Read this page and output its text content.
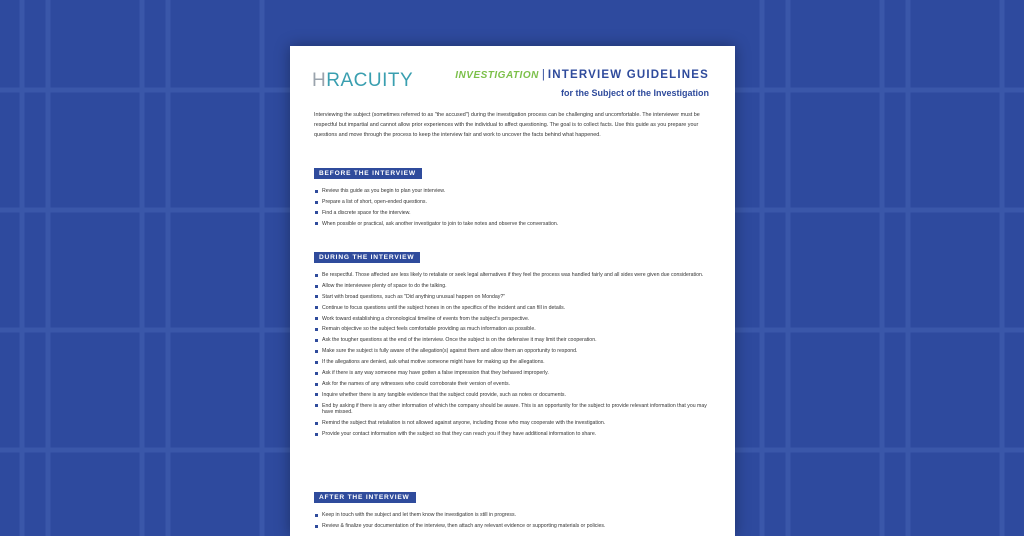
HRACUITY	INVESTIGATION | INTERVIEW GUIDELINES
for the Subject of the Investigation
Interviewing the subject (sometimes referred to as "the accused") during the investigation process can be challenging and uncomfortable. The interviewer must be respectful but impartial and cannot allow prior experiences with the individual to affect questioning. The goal is to collect facts. Use this guide as you prepare your questions and move through the process to keep the interview fair and work to uncover the facts behind what happened.
BEFORE THE INTERVIEW
Review this guide as you begin to plan your interview.
Prepare a list of short, open-ended questions.
Find a discrete space for the interview.
When possible or practical, ask another investigator to join to take notes and observe the conversation.
DURING THE INTERVIEW
Be respectful. Those affected are less likely to retaliate or seek legal alternatives if they feel the process was handled fairly and all sides were given due consideration.
Allow the interviewee plenty of space to do the talking.
Start with broad questions, such as "Did anything unusual happen on Monday?"
Continue to focus questions until the subject hones in on the specifics of the incident and can fill in details.
Work toward establishing a chronological timeline of events from the subject's perspective.
Remain objective so the subject feels comfortable providing as much information as possible.
Ask the tougher questions at the end of the interview. Once the subject is on the defensive it may limit their cooperation.
Make sure the subject is fully aware of the allegation(s) against them and allow them an opportunity to respond.
If the allegations are denied, ask what motive someone might have for making up the allegations.
Ask if there is any way someone may have gotten a false impression that they behaved improperly.
Ask for the names of any witnesses who could corroborate their version of events.
Inquire whether there is any tangible evidence that the subject could provide, such as notes or documents.
End by asking if there is any other information of which the company should be aware. This is an opportunity for the subject to provide relevant information that you may have missed.
Remind the subject that retaliation is not allowed against anyone, including those who may cooperate with the investigation.
Provide your contact information with the subject so that they can reach you if they have additional information to share.
AFTER THE INTERVIEW
Keep in touch with the subject and let them know the investigation is still in progress.
Review & finalize your documentation of the interview, then attach any relevant evidence or supporting materials or policies.
